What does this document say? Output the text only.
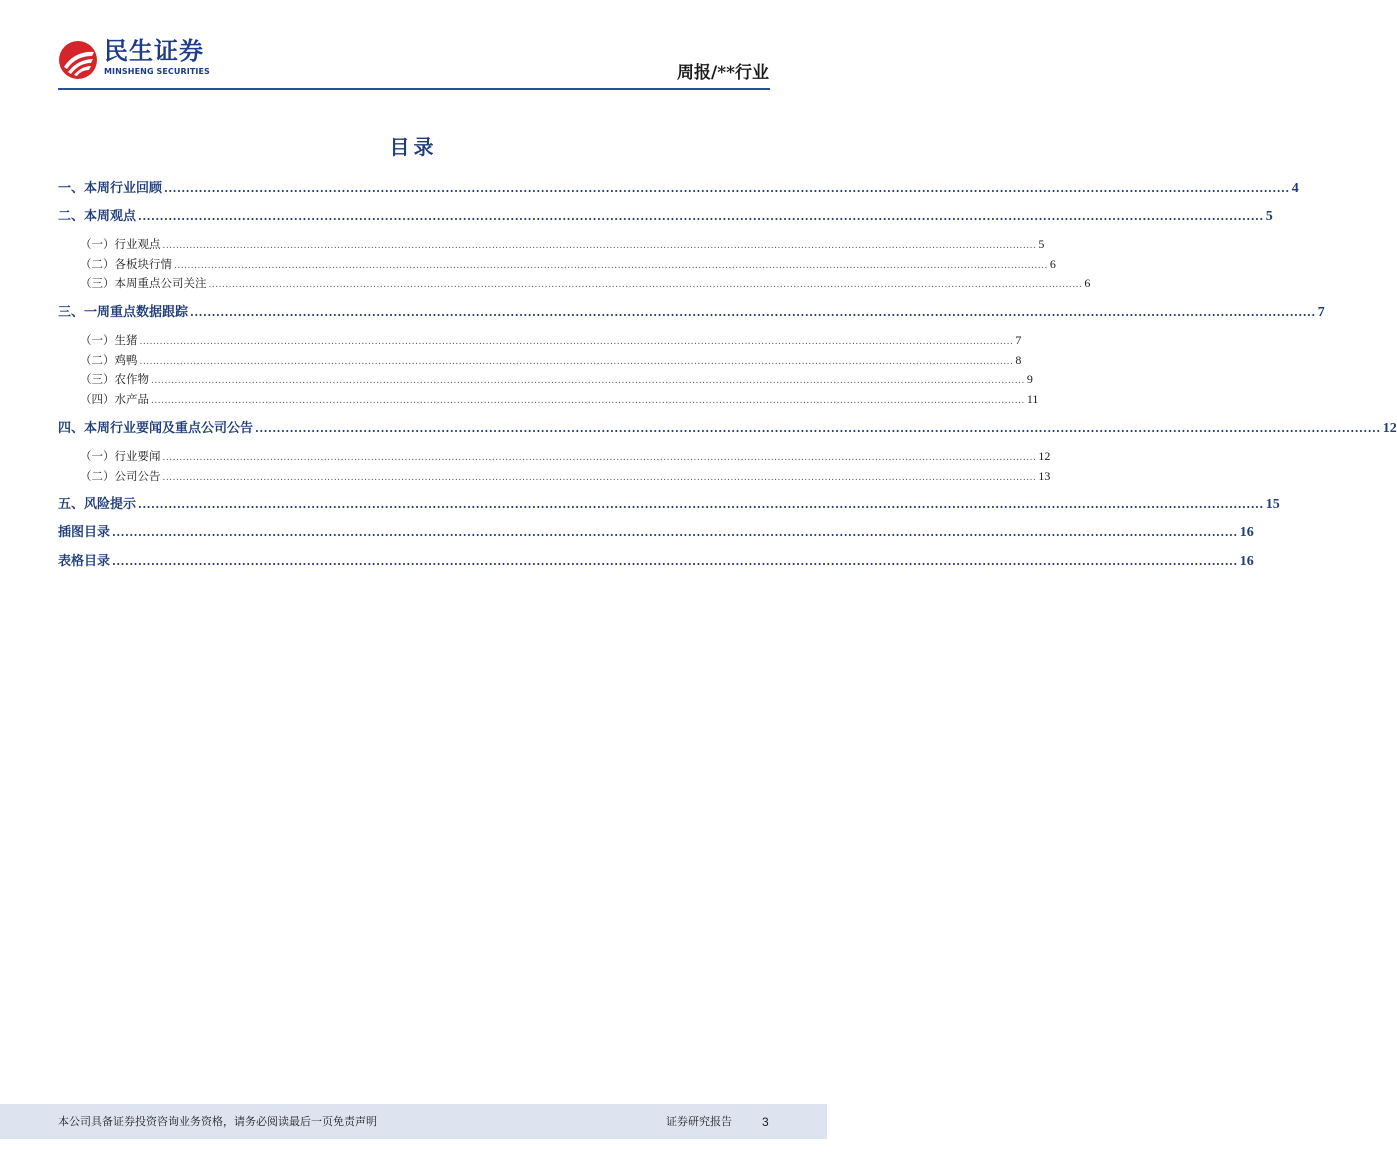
民生证券
MINSHENG SECURITIES	周报/**行业
目录
一、本周行业回顾 .................................................................................................................................................................................................................................................................... 4
二、本周观点 .................................................................................................................................................................................................................................................................... 5
（一）行业观点 .................................................................................................................................................................................................................................................................... 5
（二）各板块行情 .................................................................................................................................................................................................................................................................... 6
（三）本周重点公司关注 .................................................................................................................................................................................................................................................................... 6
三、一周重点数据跟踪 .................................................................................................................................................................................................................................................................... 7
（一）生猪 .................................................................................................................................................................................................................................................................... 7
（二）鸡鸭 .................................................................................................................................................................................................................................................................... 8
（三）农作物 .................................................................................................................................................................................................................................................................... 9
（四）水产品 .................................................................................................................................................................................................................................................................... 11
四、本周行业要闻及重点公司公告 .................................................................................................................................................................................................................................................................... 12
（一）行业要闻 .................................................................................................................................................................................................................................................................... 12
（二）公司公告 .................................................................................................................................................................................................................................................................... 13
五、风险提示 .................................................................................................................................................................................................................................................................... 15
插图目录 .................................................................................................................................................................................................................................................................... 16
表格目录 .................................................................................................................................................................................................................................................................... 16
本公司具备证券投资咨询业务资格，请务必阅读最后一页免责声明	证券研究报告	3
